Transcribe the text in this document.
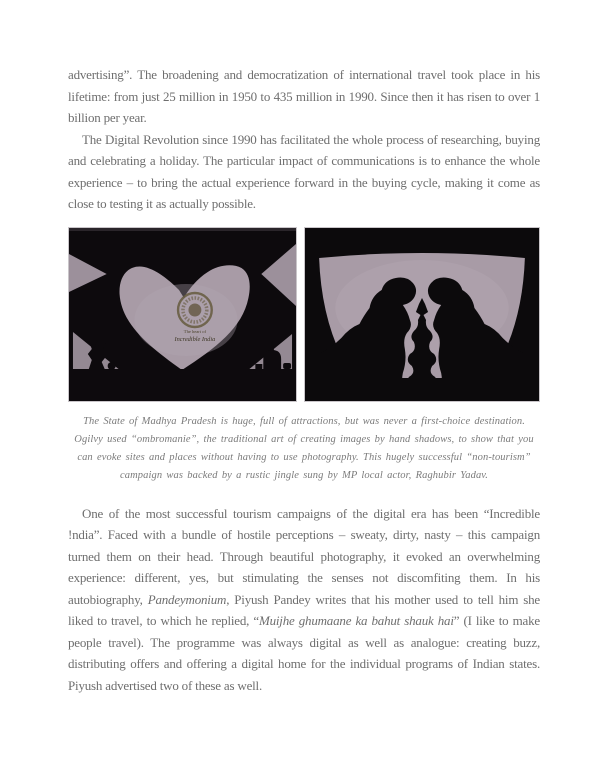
advertising”. The broadening and democratization of international travel took place in his lifetime: from just 25 million in 1950 to 435 million in 1990. Since then it has risen to over 1 billion per year.

The Digital Revolution since 1990 has facilitated the whole process of researching, buying and celebrating a holiday. The particular impact of communications is to enhance the whole experience – to bring the actual experience forward in the buying cycle, making it come as close to testing it as actually possible.

The heart of
Incredible India
The State of Madhya Pradesh is huge, full of attractions, but was never a first-choice destination. Ogilvy used “ombromanie”, the traditional art of creating images by hand shadows, to show that you can evoke sites and places without having to use photography. This hugely successful “non-tourism” campaign was backed by a rustic jingle sung by MP local actor, Raghubir Yadav.

One of the most successful tourism campaigns of the digital era has been “Incredible !ndia”. Faced with a bundle of hostile perceptions – sweaty, dirty, nasty – this campaign turned them on their head. Through beautiful photography, it evoked an overwhelming experience: different, yes, but stimulating the senses not discomfiting them. In his autobiography, Pandeymonium, Piyush Pandey writes that his mother used to tell him she liked to travel, to which he replied, “Muijhe ghumaane ka bahut shauk hai” (I like to make people travel). The programme was always digital as well as analogue: creating buzz, distributing offers and offering a digital home for the individual programs of Indian states. Piyush advertised two of these as well.
